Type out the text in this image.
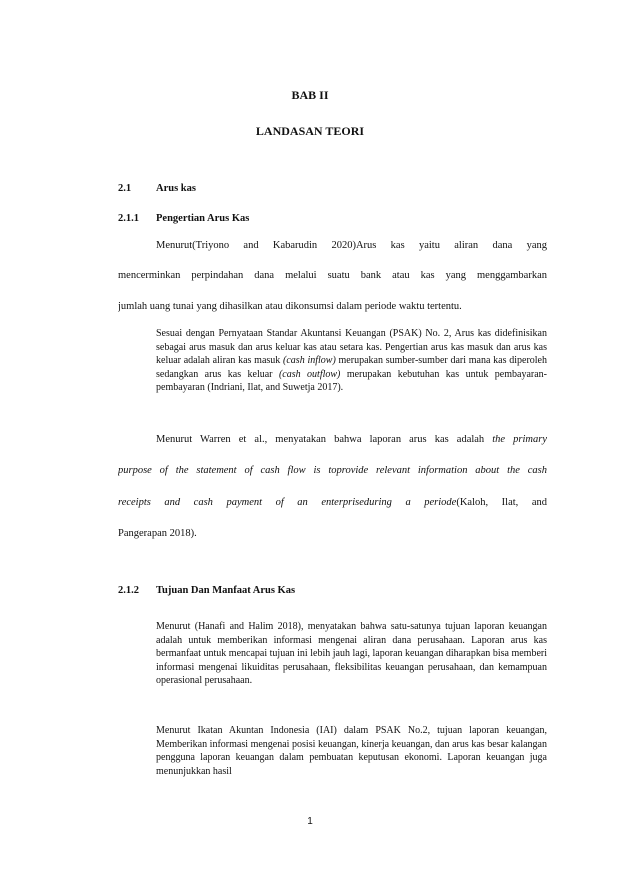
BAB II

LANDASAN TEORI

2.1 Arus kas
2.1.1 Pengertian Arus Kas

Menurut(Triyono and Kabarudin 2020)Arus kas yaitu aliran dana yang

mencerminkan perpindahan dana melalui suatu bank atau kas yang menggambarkan

jumlah uang tunai yang dihasilkan atau dikonsumsi dalam periode waktu tertentu.

Sesuai dengan Pernyataan Standar Akuntansi Keuangan (PSAK) No. 2, Arus kas didefinisikan sebagai arus masuk dan arus keluar kas atau setara kas. Pengertian arus kas masuk dan arus kas keluar adalah aliran kas masuk (cash inflow) merupakan sumber-sumber dari mana kas diperoleh sedangkan arus kas keluar (cash outflow) merupakan kebutuhan kas untuk pembayaran-pembayaran (Indriani, Ilat, and Suwetja 2017).

Menurut Warren et al., menyatakan bahwa laporan arus kas adalah the primary

purpose of the statement of cash flow is toprovide relevant information about the cash

receipts and cash payment of an enterpriseduring a periode(Kaloh, Ilat, and

Pangerapan 2018).

2.1.2 Tujuan Dan Manfaat Arus Kas

Menurut (Hanafi and Halim 2018), menyatakan bahwa satu-satunya tujuan laporan keuangan adalah untuk memberikan informasi mengenai aliran dana perusahaan. Laporan arus kas bermanfaat untuk mencapai tujuan ini lebih jauh lagi, laporan keuangan diharapkan bisa memberi informasi mengenai likuiditas perusahaan, fleksibilitas keuangan perusahaan, dan kemampuan operasional perusahaan.

Menurut Ikatan Akuntan Indonesia (IAI) dalam PSAK No.2, tujuan laporan keuangan, Memberikan informasi mengenai posisi keuangan, kinerja keuangan, dan arus kas besar kalangan pengguna laporan keuangan dalam pembuatan keputusan ekonomi. Laporan keuangan juga menunjukkan hasil

1
